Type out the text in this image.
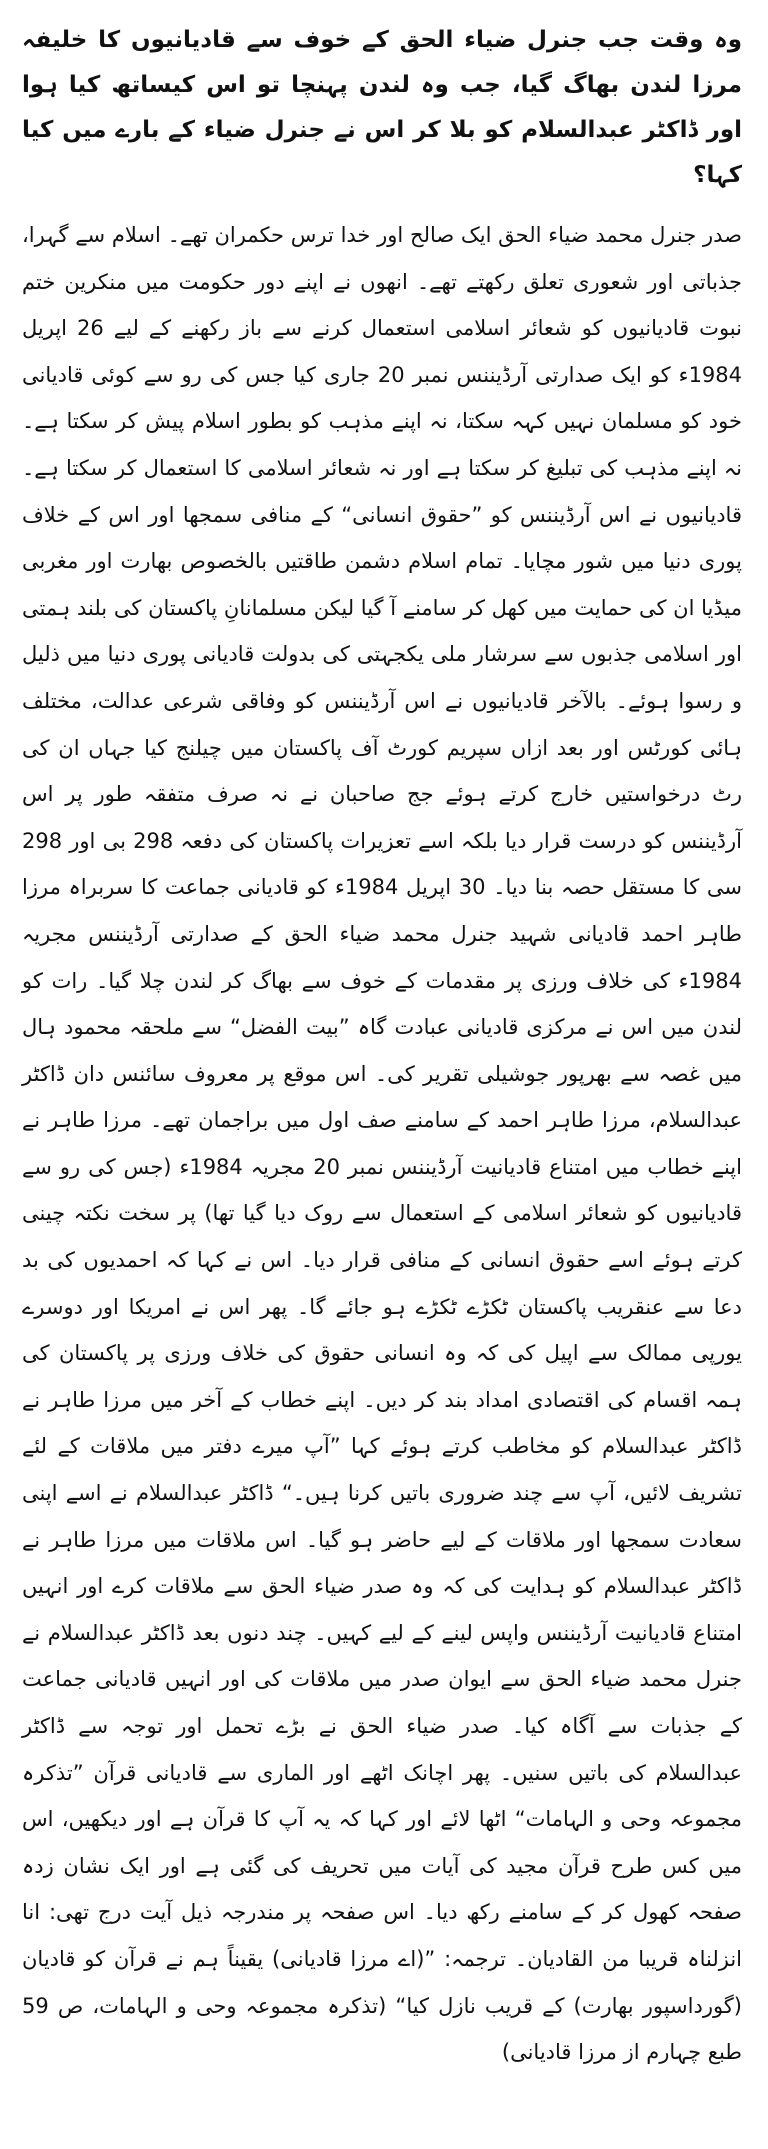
وہ وقت جب جنرل ضیاء الحق کے خوف سے قادیانیوں کا خلیفہ مرزا لندن بھاگ گیا، جب وہ لندن پہنچا تو اس کیساتھ کیا ہوا اور ڈاکٹر عبدالسلام کو بلا کر اس نے جنرل ضیاء کے بارے میں کیا کہا؟

صدر جنرل محمد ضیاء الحق ایک صالح اور خدا ترس حکمران تھے۔ اسلام سے گہرا، جذباتی اور شعوری تعلق رکھتے تھے۔ انھوں نے اپنے دور حکومت میں منکرین ختم نبوت قادیانیوں کو شعائر اسلامی استعمال کرنے سے باز رکھنے کے لیے 26 اپریل 1984ء کو ایک صدارتی آرڈیننس نمبر 20 جاری کیا جس کی رو سے کوئی قادیانی خود کو مسلمان نہیں کہہ سکتا، نہ اپنے مذہب کو بطور اسلام پیش کر سکتا ہے۔ نہ اپنے مذہب کی تبلیغ کر سکتا ہے اور نہ شعائر اسلامی کا استعمال کر سکتا ہے۔ قادیانیوں نے اس آرڈیننس کو ”حقوق انسانی“ کے منافی سمجھا اور اس کے خلاف پوری دنیا میں شور مچایا۔ تمام اسلام دشمن طاقتیں بالخصوص بھارت اور مغربی میڈیا ان کی حمایت میں کھل کر سامنے آ گیا لیکن مسلمانانِ پاکستان کی بلند ہمتی اور اسلامی جذبوں سے سرشار ملی یکجہتی کی بدولت قادیانی پوری دنیا میں ذلیل و رسوا ہوئے۔ بالآخر قادیانیوں نے اس آرڈیننس کو وفاقی شرعی عدالت، مختلف ہائی کورٹس اور بعد ازاں سپریم کورٹ آف پاکستان میں چیلنج کیا جہاں ان کی رٹ درخواستیں خارج کرتے ہوئے جج صاحبان نے نہ صرف متفقہ طور پر اس آرڈیننس کو درست قرار دیا بلکہ اسے تعزیرات پاکستان کی دفعہ 298 بی اور 298 سی کا مستقل حصہ بنا دیا۔ 30 اپریل 1984ء کو قادیانی جماعت کا سربراہ مرزا طاہر احمد قادیانی شہید جنرل محمد ضیاء الحق کے صدارتی آرڈیننس مجریہ 1984ء کی خلاف ورزی پر مقدمات کے خوف سے بھاگ کر لندن چلا گیا۔ رات کو لندن میں اس نے مرکزی قادیانی عبادت گاہ ”بیت الفضل“ سے ملحقہ محمود ہال میں غصہ سے بھرپور جوشیلی تقریر کی۔ اس موقع پر معروف سائنس دان ڈاکٹر عبدالسلام، مرزا طاہر احمد کے سامنے صف اول میں براجمان تھے۔ مرزا طاہر نے اپنے خطاب میں امتناع قادیانیت آرڈیننس نمبر 20 مجریہ 1984ء (جس کی رو سے قادیانیوں کو شعائر اسلامی کے استعمال سے روک دیا گیا تھا) پر سخت نکتہ چینی کرتے ہوئے اسے حقوق انسانی کے منافی قرار دیا۔ اس نے کہا کہ احمدیوں کی بد دعا سے عنقریب پاکستان ٹکڑے ٹکڑے ہو جائے گا۔ پھر اس نے امریکا اور دوسرے یورپی ممالک سے اپیل کی کہ وہ انسانی حقوق کی خلاف ورزی پر پاکستان کی ہمہ اقسام کی اقتصادی امداد بند کر دیں۔ اپنے خطاب کے آخر میں مرزا طاہر نے ڈاکٹر عبدالسلام کو مخاطب کرتے ہوئے کہا ”آپ میرے دفتر میں ملاقات کے لئے تشریف لائیں، آپ سے چند ضروری باتیں کرنا ہیں۔“ ڈاکٹر عبدالسلام نے اسے اپنی سعادت سمجھا اور ملاقات کے لیے حاضر ہو گیا۔ اس ملاقات میں مرزا طاہر نے ڈاکٹر عبدالسلام کو ہدایت کی کہ وہ صدر ضیاء الحق سے ملاقات کرے اور انہیں امتناع قادیانیت آرڈیننس واپس لینے کے لیے کہیں۔ چند دنوں بعد ڈاکٹر عبدالسلام نے جنرل محمد ضیاء الحق سے ایوان صدر میں ملاقات کی اور انہیں قادیانی جماعت کے جذبات سے آگاہ کیا۔ صدر ضیاء الحق نے بڑے تحمل اور توجہ سے ڈاکٹر عبدالسلام کی باتیں سنیں۔ پھر اچانک اٹھے اور الماری سے قادیانی قرآن ”تذکرہ مجموعہ وحی و الہامات“ اٹھا لائے اور کہا کہ یہ آپ کا قرآن ہے اور دیکھیں، اس میں کس طرح قرآن مجید کی آیات میں تحریف کی گئی ہے اور ایک نشان زدہ صفحہ کھول کر کے سامنے رکھ دیا۔ اس صفحہ پر مندرجہ ذیل آیت درج تھی: انا انزلناہ قریبا من القادیان۔ ترجمہ: ”(اے مرزا قادیانی) یقیناً ہم نے قرآن کو قادیان (گورداسپور بھارت) کے قریب نازل کیا“ (تذکرہ مجموعہ وحی و الہامات، ص 59 طبع چہارم از مرزا قادیانی)
